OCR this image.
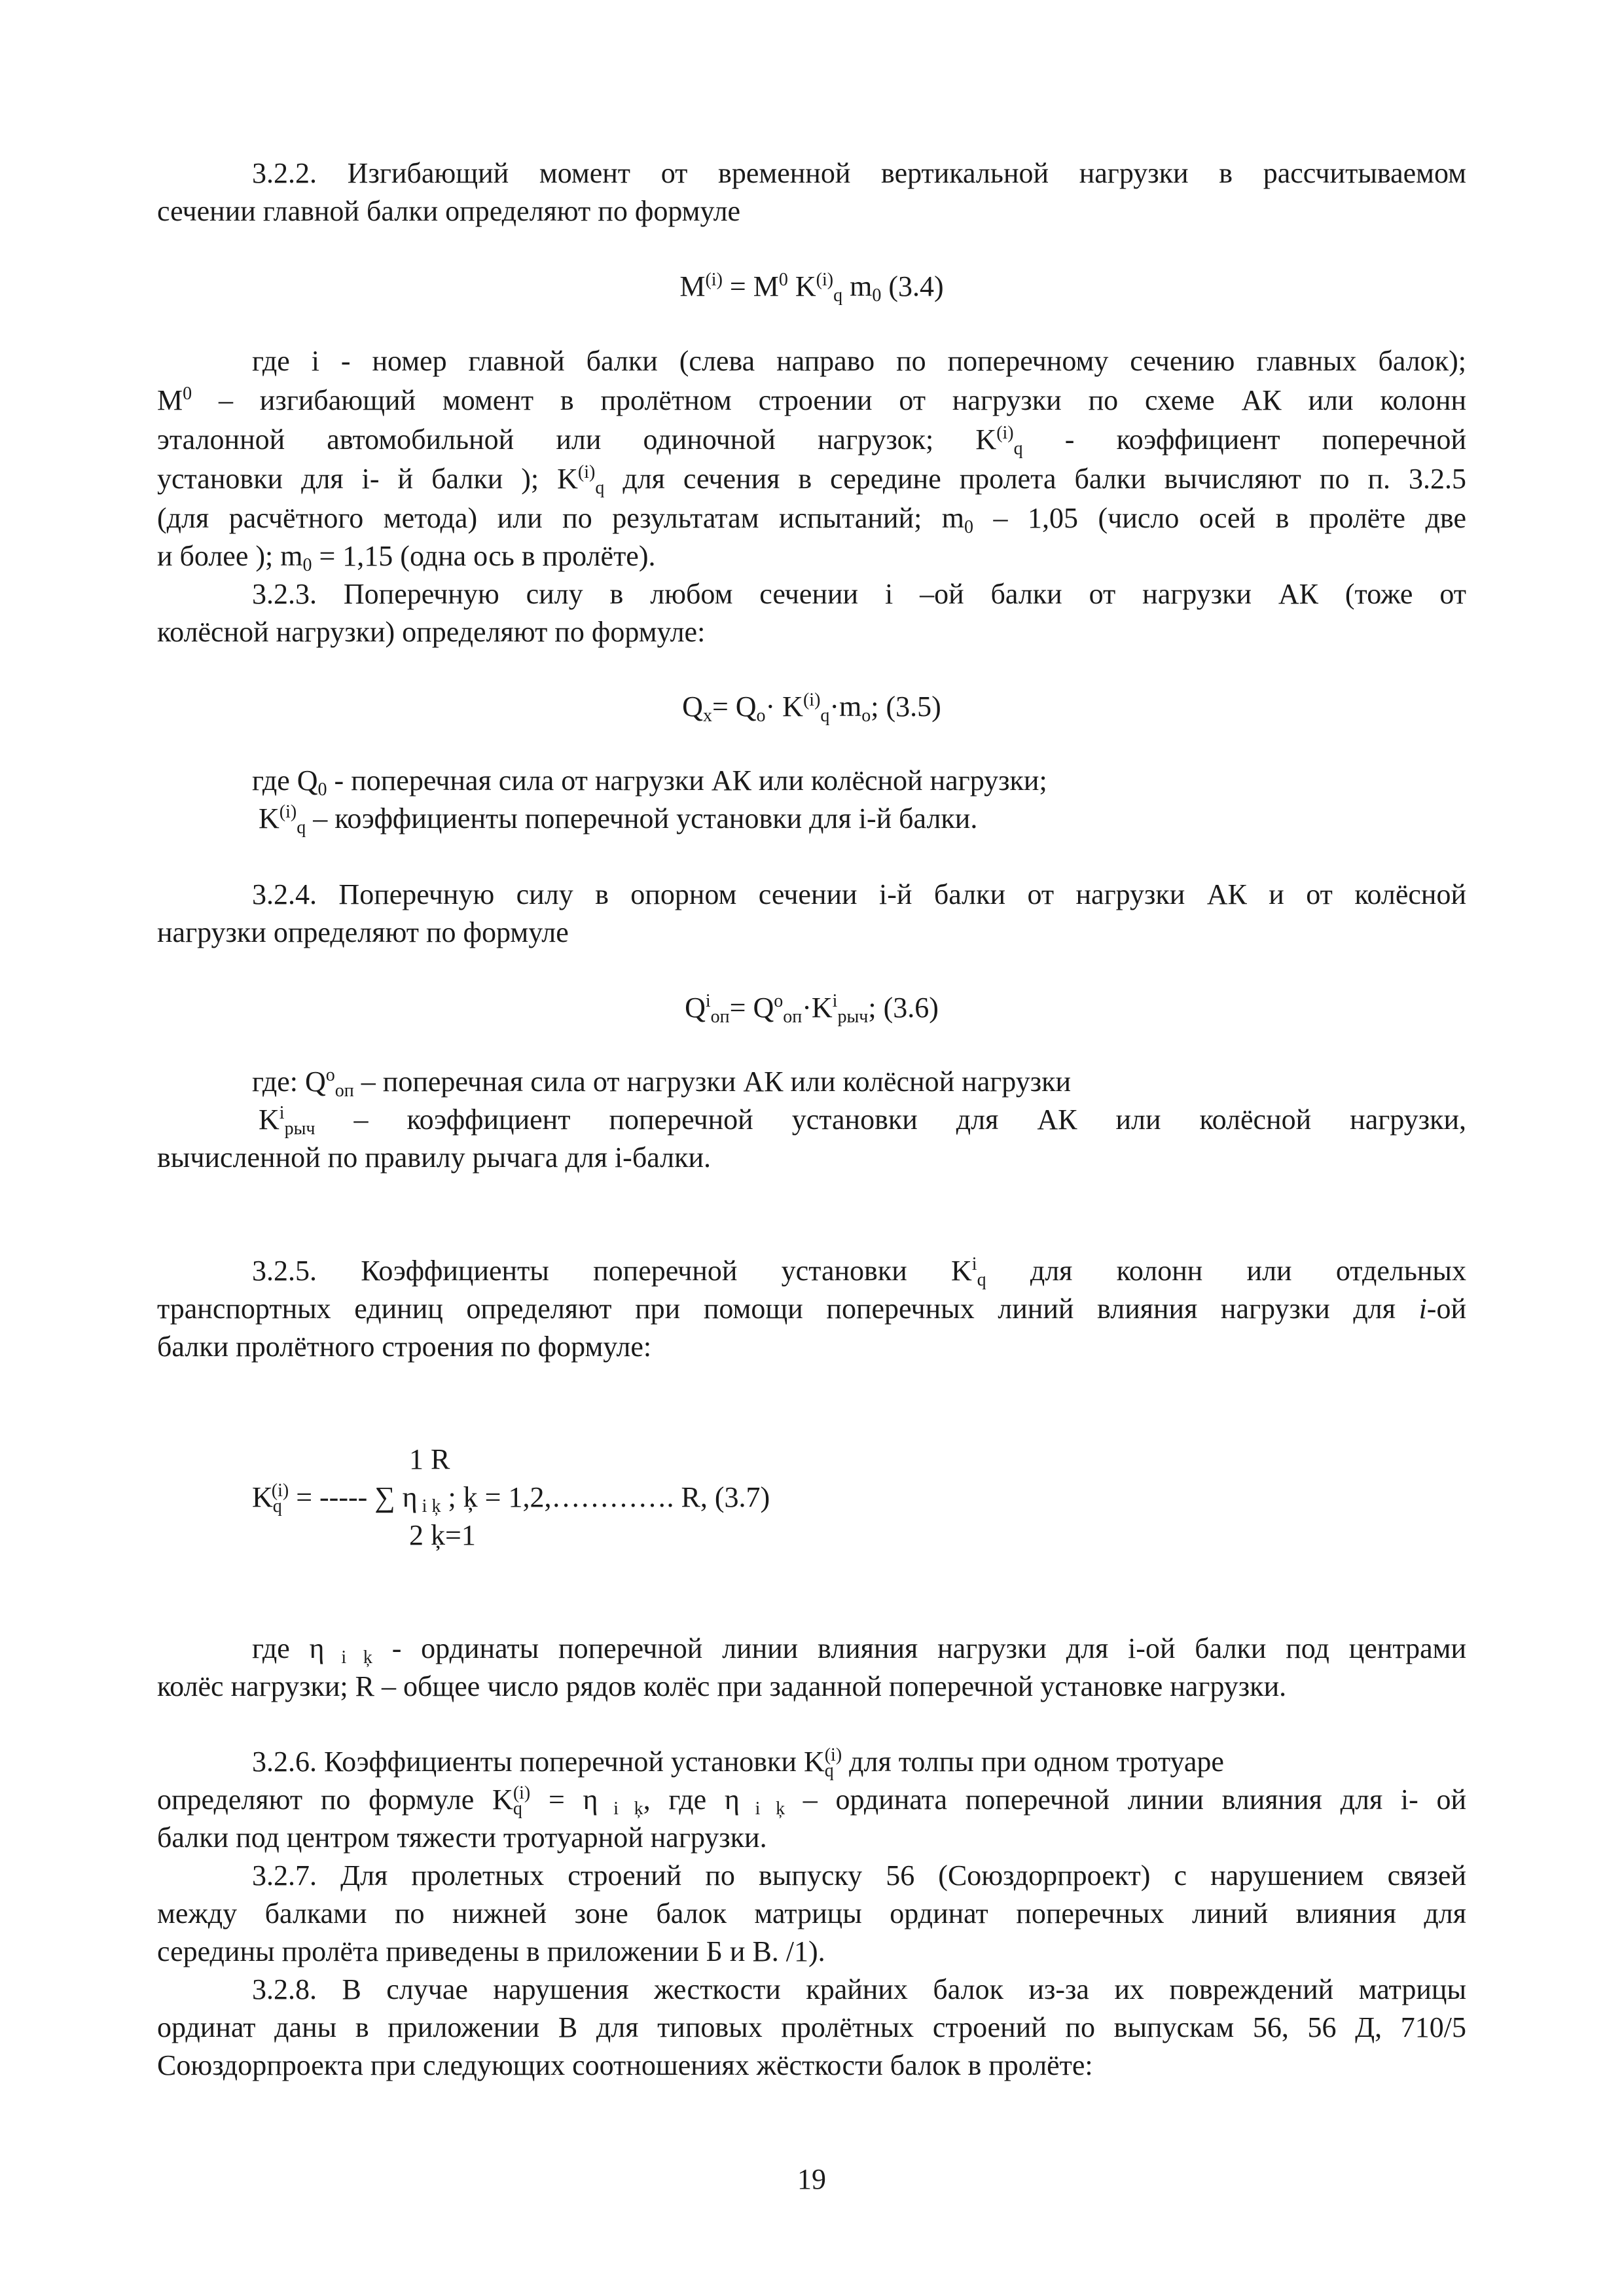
3.2.2. Изгибающий момент от временной вертикальной нагрузки в рассчитываемом
сечении главной балки определяют по формуле
$M^{(i)} = M^0$ $K^{(i)}_q$ $m_0$ (3.4)
где i - номер главной балки (слева направо по поперечному сечению главных балок);
$M^0$ – изгибающий момент в пролётном строении от нагрузки по схеме АК или колонн
эталонной автомобильной или одиночной нагрузок; $K^{(i)}_q$ - коэффициент поперечной
установки для i- й балки ); $K^{(i)}_q$ для сечения в середине пролета балки вычисляют по п. 3.2.5
(для расчётного метода) или по результатам испытаний; $m_0 - 1,05$ (число осей в пролёте две
и более ); $m_0 = 1,15$ (одна ось в пролёте).
3.2.3. Поперечную силу в любом сечении i –ой балки от нагрузки АК (тоже от
колёсной нагрузки) определяют по формуле:
$Q_x= Q_o\cdot K^{(i)}_q\cdot m_o$; (3.5)
где $Q_0$ - поперечная сила от нагрузки АК или колёсной нагрузки;
$K^{(i)}_q$ – коэффициенты поперечной установки для i-й балки.
3.2.4. Поперечную силу в опорном сечении i-й балки от нагрузки АК и от колёсной
нагрузки определяют по формуле
$Q^i_{оп}= Q^o_{оп}\cdot K^i_{рыч}$; (3.6)
где: $Q^o_{оп}$ – поперечная сила от нагрузки АК или колёсной нагрузки
$K^i_{рыч}$ – коэффициент поперечной установки для АК или колёсной нагрузки,
вычисленной по правилу рычага для i-балки.
3.2.5. Коэффициенты поперечной установки $K^i_q$ для колонн или отдельных
транспортных единиц определяют при помощи поперечных линий влияния нагрузки для i-ой
балки пролётного строения по формуле:
1 R
$K_q^{(i)}$ = ----- ∑ η $_{i ķ}$ ; ķ = 1,2,…………. R, (3.7)
2 ķ=1
где η $_{i ķ}$ - ординаты поперечной линии влияния нагрузки для i-ой балки под центрами
колёс нагрузки; R – общее число рядов колёс при заданной поперечной установке нагрузки.
3.2.6. Коэффициенты поперечной установки $K_q^{(i)}$ для толпы при одном тротуаре
определяют по формуле $K_q^{(i)} = \eta$ $_{i ķ}$, где η $_{i ķ}$ – ордината поперечной линии влияния для i- ой
балки под центром тяжести тротуарной нагрузки.
3.2.7. Для пролетных строений по выпуску 56 (Союздорпроект) с нарушением связей
между балками по нижней зоне балок матрицы ординат поперечных линий влияния для
середины пролёта приведены в приложении Б и В. /1).
3.2.8. В случае нарушения жесткости крайних балок из-за их повреждений матрицы
ординат даны в приложении В для типовых пролётных строений по выпускам 56, 56 Д, 710/5
Союздорпроекта при следующих соотношениях жёсткости балок в пролёте:
19
